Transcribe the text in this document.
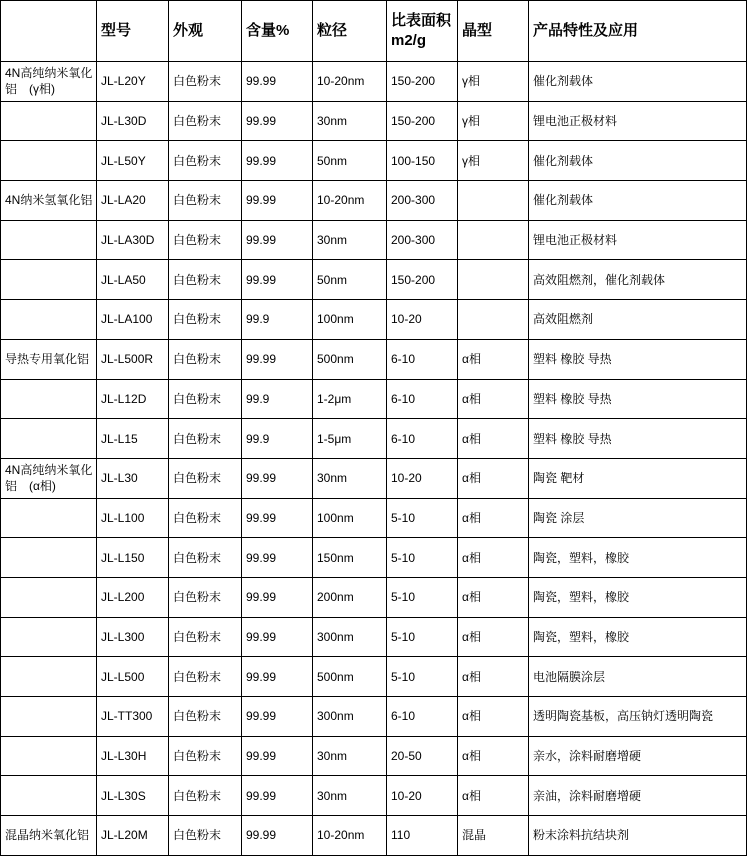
	型号	外观	含量%	粒径	比表面积 m2/g	晶型	产品特性及应用
4N高纯纳米氧化铝　(γ相)	JL-L20Y	白色粉末	99.99	10-20nm	150-200	γ相	催化剂载体
	JL-L30D	白色粉末	99.99	30nm	150-200	γ相	锂电池正极材料
	JL-L50Y	白色粉末	99.99	50nm	100-150	γ相	催化剂载体
4N纳米氢氧化铝	JL-LA20	白色粉末	99.99	10-20nm	200-300		催化剂载体
	JL-LA30D	白色粉末	99.99	30nm	200-300		锂电池正极材料
	JL-LA50	白色粉末	99.99	50nm	150-200		高效阻燃剂，催化剂载体
	JL-LA100	白色粉末	99.9	100nm	10-20		高效阻燃剂
导热专用氧化铝	JL-L500R	白色粉末	99.99	500nm	6-10	α相	塑料 橡胶 导热
	JL-L12D	白色粉末	99.9	1-2μm	6-10	α相	塑料 橡胶 导热
	JL-L15	白色粉末	99.9	1-5μm	6-10	α相	塑料 橡胶 导热
4N高纯纳米氧化铝　(α相)	JL-L30	白色粉末	99.99	30nm	10-20	α相	陶瓷 靶材
	JL-L100	白色粉末	99.99	100nm	5-10	α相	陶瓷 涂层
	JL-L150	白色粉末	99.99	150nm	5-10	α相	陶瓷，塑料，橡胶
	JL-L200	白色粉末	99.99	200nm	5-10	α相	陶瓷，塑料，橡胶
	JL-L300	白色粉末	99.99	300nm	5-10	α相	陶瓷，塑料，橡胶
	JL-L500	白色粉末	99.99	500nm	5-10	α相	电池隔膜涂层
	JL-TT300	白色粉末	99.99	300nm	6-10	α相	透明陶瓷基板，高压钠灯透明陶瓷
	JL-L30H	白色粉末	99.99	30nm	20-50	α相	亲水，涂料耐磨增硬
	JL-L30S	白色粉末	99.99	30nm	10-20	α相	亲油，涂料耐磨增硬
混晶纳米氧化铝	JL-L20M	白色粉末	99.99	10-20nm	110	混晶	粉末涂料抗结块剂
